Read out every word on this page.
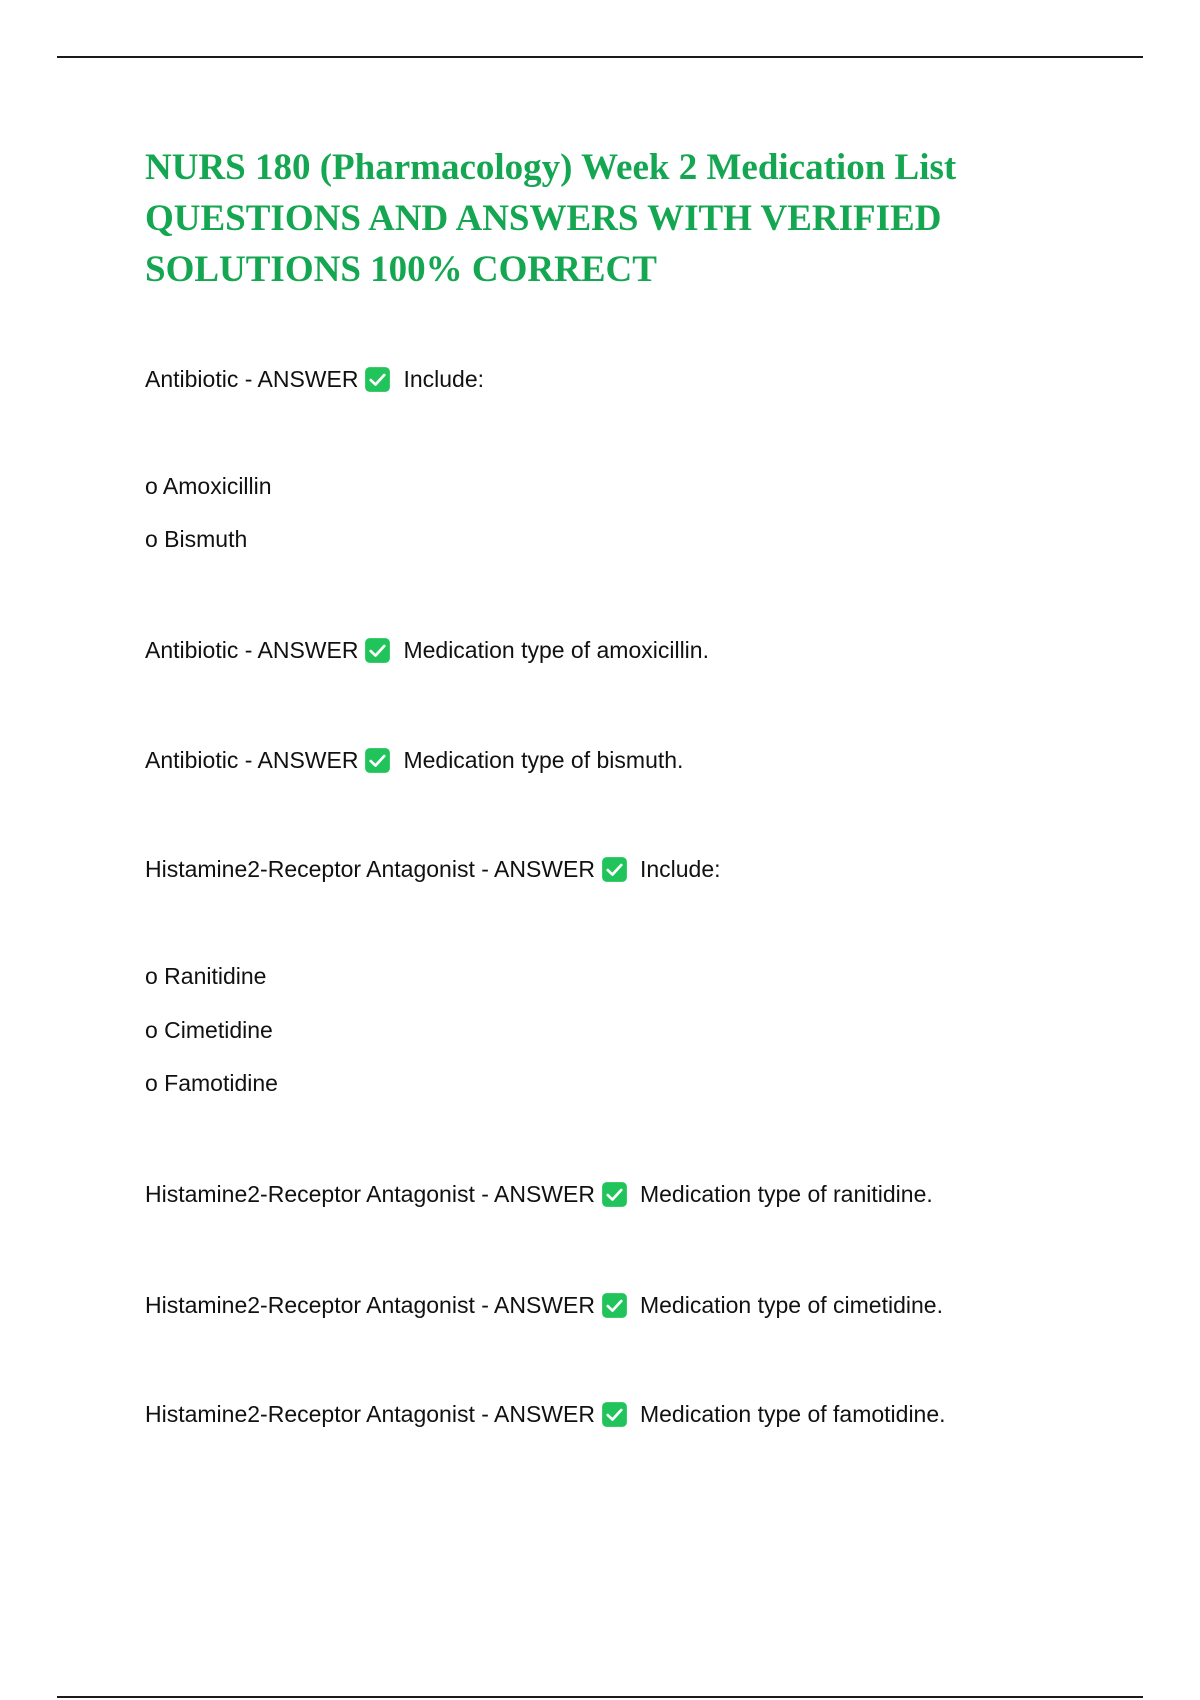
NURS 180 (Pharmacology) Week 2 Medication List
QUESTIONS AND ANSWERS WITH VERIFIED
SOLUTIONS 100% CORRECT
Antibiotic
- ANSWER Include:
o Amoxicillin
o Bismuth
Antibiotic
- ANSWER Medication type of amoxicillin.
Antibiotic
- ANSWER Medication type of bismuth.
Histamine2-Receptor Antagonist
- ANSWER Include:
o Ranitidine
o Cimetidine
o Famotidine
Histamine2-Receptor Antagonist
- ANSWER Medication type of ranitidine.
Histamine2-Receptor Antagonist
- ANSWER Medication type of cimetidine.
Histamine2-Receptor Antagonist
- ANSWER Medication type of famotidine.
